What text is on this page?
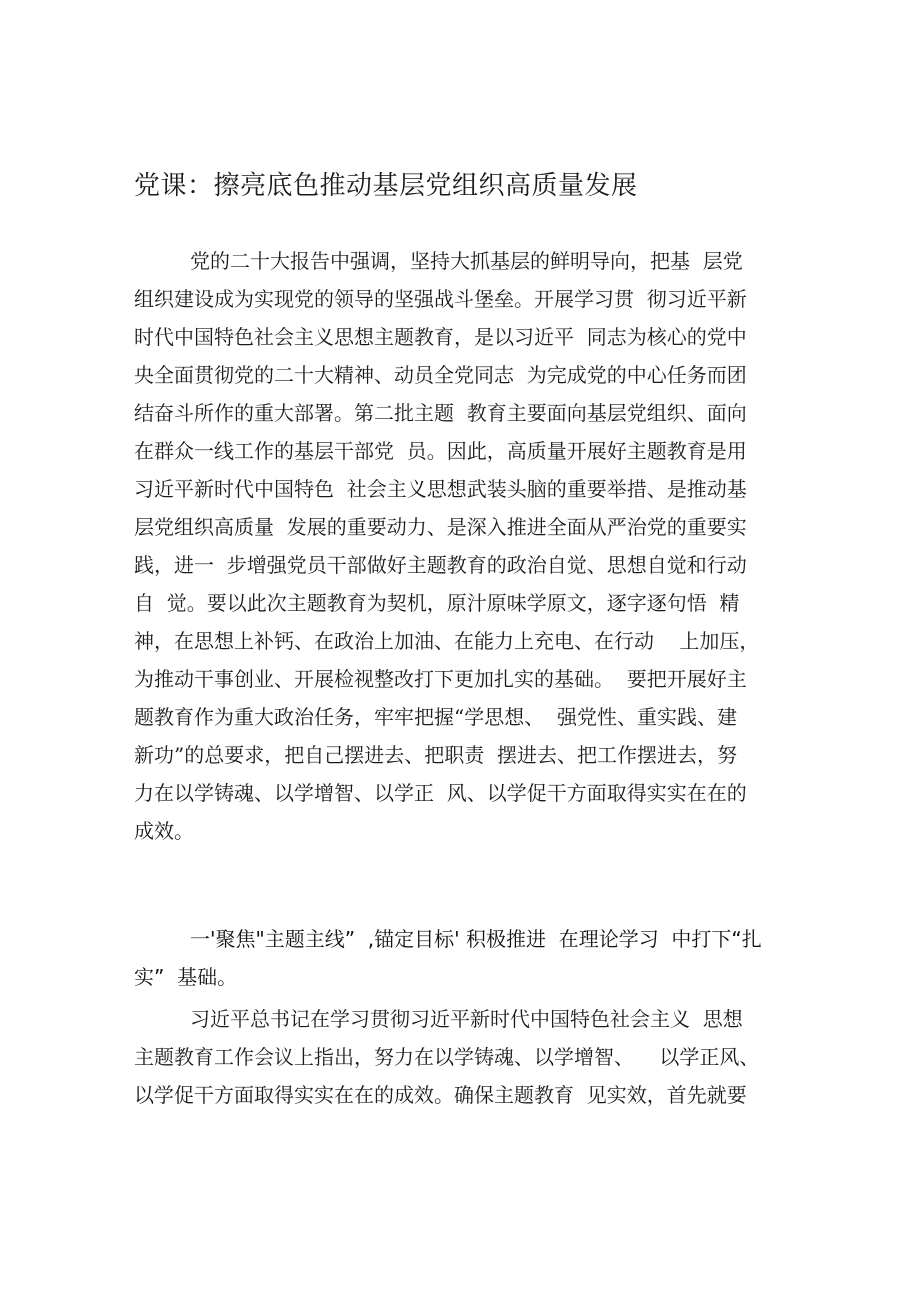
党课：擦亮底色推动基层党组织高质量发展
党的二十大报告中强调，坚持大抓基层的鲜明导向，把基  层党
组织建设成为实现党的领导的坚强战斗堡垒。开展学习贯  彻习近平新
时代中国特色社会主义思想主题教育，是以习近平  同志为核心的党中
央全面贯彻党的二十大精神、动员全党同志  为完成党的中心任务而团
结奋斗所作的重大部署。第二批主题  教育主要面向基层党组织、面向
在群众一线工作的基层干部党  员。因此，高质量开展好主题教育是用
习近平新时代中国特色  社会主义思想武装头脑的重要举措、是推动基
层党组织高质量  发展的重要动力、是深入推进全面从严治党的重要实
践，进一  步增强党员干部做好主题教育的政治自觉、思想自觉和行动
自  觉。要以此次主题教育为契机，原汁原味学原文，逐字逐句悟  精
神，在思想上补钙、在政治上加油、在能力上充电、在行动    上加压，
为推动干事创业、开展检视整改打下更加扎实的基础。  要把开展好主
题教育作为重大政治任务，牢牢把握“学思想、  强党性、重实践、建
新功”的总要求，把自己摆进去、把职责  摆进去、把工作摆进去，努
力在以学铸魂、以学增智、以学正  风、以学促干方面取得实实在在的
成效。
一'聚焦"主题主线”  ,锚定目标' 积极推进  在理论学习  中打下“扎
实”  基础。
习近平总书记在学习贯彻习近平新时代中国特色社会主义  思想
主题教育工作会议上指出，努力在以学铸魂、以学增智、    以学正风、
以学促干方面取得实实在在的成效。确保主题教育  见实效，首先就要
